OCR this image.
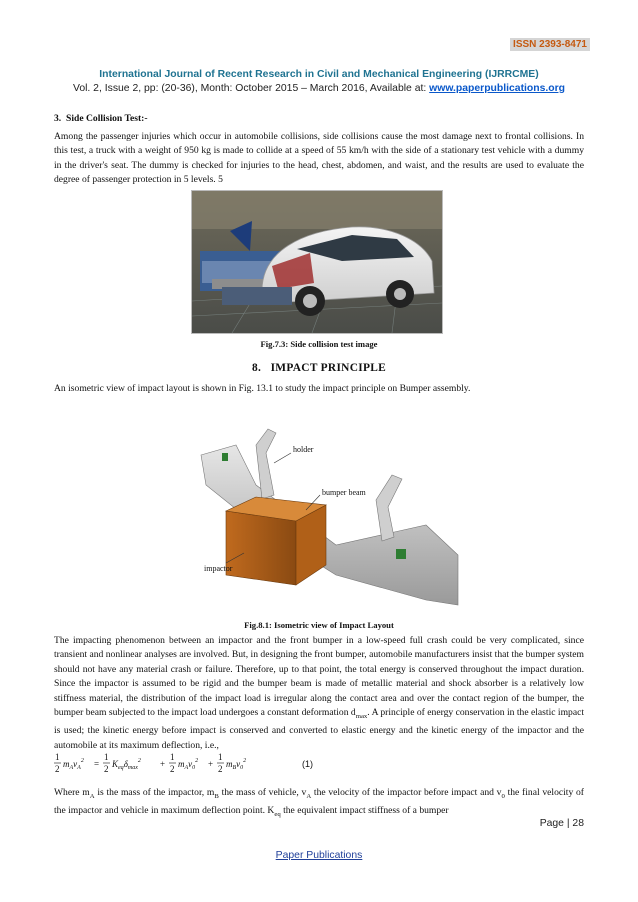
ISSN 2393-8471
International Journal of Recent Research in Civil and Mechanical Engineering (IJRRCME)
Vol. 2, Issue 2, pp: (20-36), Month: October 2015 – March 2016, Available at: www.paperpublications.org
3.  Side Collision Test:-
Among the passenger injuries which occur in automobile collisions, side collisions cause the most damage next to frontal collisions. In this test, a truck with a weight of 950 kg is made to collide at a speed of 55 km/h with the side of a stationary test vehicle with a dummy in the driver's seat. The dummy is checked for injuries to the head, chest, abdomen, and waist, and the results are used to evaluate the degree of passenger protection in 5 levels. 5
Fig.7.3: Side collision test image
8.   IMPACT PRINCIPLE
An isometric view of impact layout is shown in Fig. 13.1 to study the impact principle on Bumper assembly.
holder
bumper beam
impactor
Fig.8.1: Isometric view of Impact Layout
The impacting phenomenon between an impactor and the front bumper in a low-speed full crash could be very complicated, since transient and nonlinear analyses are involved. But, in designing the front bumper, automobile manufacturers insist that the bumper system should not have any material crash or failure. Therefore, up to that point, the total energy is conserved throughout the impact duration. Since the impactor is assumed to be rigid and the bumper beam is made of metallic material and shock absorber is a relatively low stiffness material, the distribution of the impact load is irregular along the contact area and over the contact region of the bumper, the bumper beam subjected to the impact load undergoes a constant deformation $d_{max}$. A principle of energy conservation in the elastic impact is used; the kinetic energy before impact is conserved and converted to elastic energy and the kinetic energy of the impactor and the automobile at its maximum deflection, i.e.,
1
2 $m_Av_A^2$ =
1
2 $K_{eq}\delta_{max}^2$ +
1
2 $m_Av_0^2$ +
1
2 $m_Bv_0^2$	(1)
Where $m_A$ is the mass of the impactor, $m_B$ the mass of vehicle, $v_A$ the velocity of the impactor before impact and $v_0$ the final velocity of the impactor and vehicle in maximum deflection point. $K_{eq}$ the equivalent impact stiffness of a bumper
Page | 28
Paper Publications
